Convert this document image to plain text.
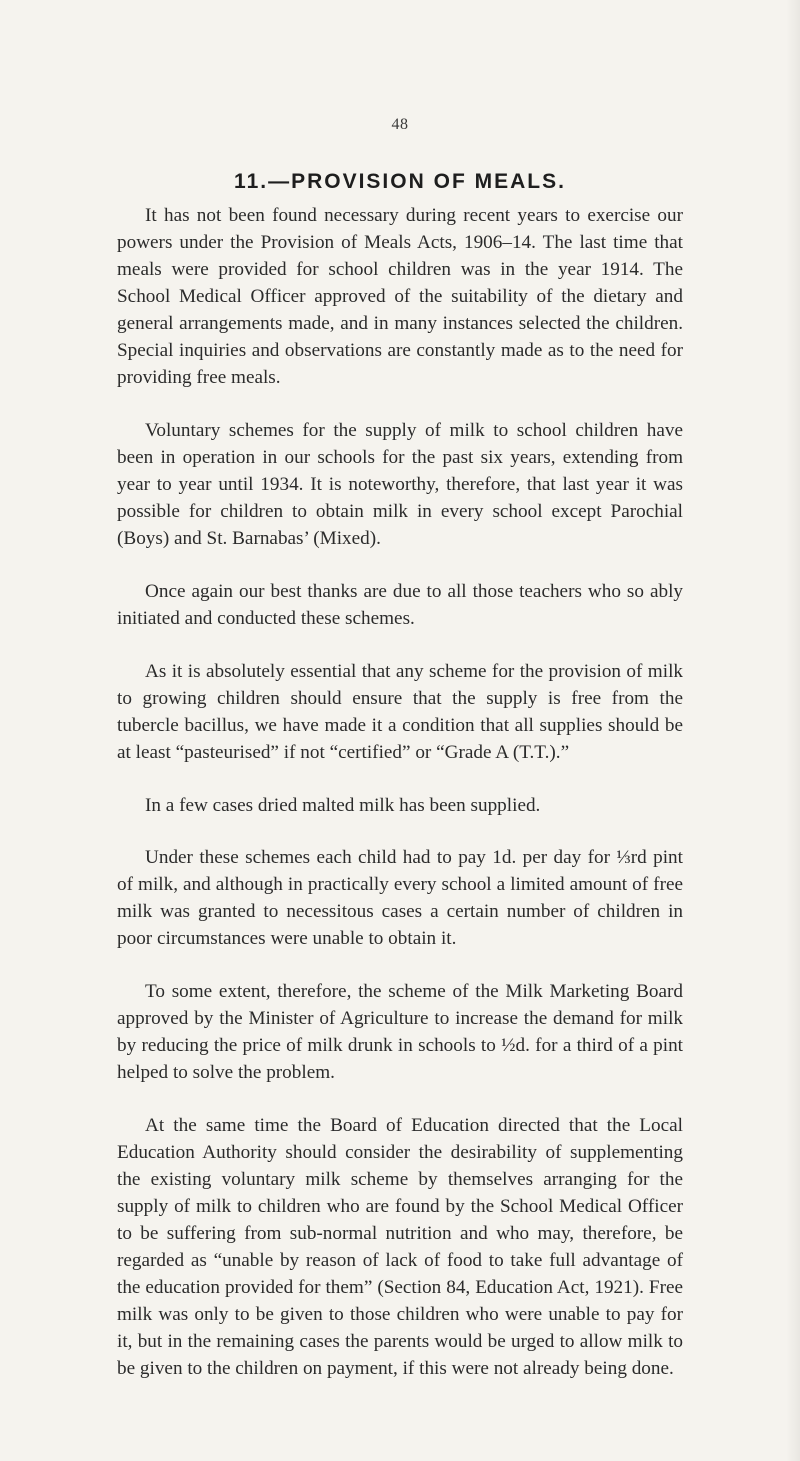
48
11.—PROVISION OF MEALS.

It has not been found necessary during recent years to exercise our powers under the Provision of Meals Acts, 1906–14. The last time that meals were provided for school children was in the year 1914. The School Medical Officer approved of the suitability of the dietary and general arrangements made, and in many instances selected the children. Special inquiries and observations are constantly made as to the need for providing free meals.

Voluntary schemes for the supply of milk to school children have been in operation in our schools for the past six years, extending from year to year until 1934. It is noteworthy, therefore, that last year it was possible for children to obtain milk in every school except Parochial (Boys) and St. Barnabas’ (Mixed).

Once again our best thanks are due to all those teachers who so ably initiated and conducted these schemes.

As it is absolutely essential that any scheme for the provision of milk to growing children should ensure that the supply is free from the tubercle bacillus, we have made it a condition that all supplies should be at least “pasteurised” if not “certified” or “Grade A (T.T.).”

In a few cases dried malted milk has been supplied.

Under these schemes each child had to pay 1d. per day for ⅓rd pint of milk, and although in practically every school a limited amount of free milk was granted to necessitous cases a certain number of children in poor circumstances were unable to obtain it.

To some extent, therefore, the scheme of the Milk Marketing Board approved by the Minister of Agriculture to increase the demand for milk by reducing the price of milk drunk in schools to ½d. for a third of a pint helped to solve the problem.

At the same time the Board of Education directed that the Local Education Authority should consider the desirability of supplementing the existing voluntary milk scheme by themselves arranging for the supply of milk to children who are found by the School Medical Officer to be suffering from sub-normal nutrition and who may, therefore, be regarded as “unable by reason of lack of food to take full advantage of the education provided for them” (Section 84, Education Act, 1921). Free milk was only to be given to those children who were unable to pay for it, but in the remaining cases the parents would be urged to allow milk to be given to the children on payment, if this were not already being done.
